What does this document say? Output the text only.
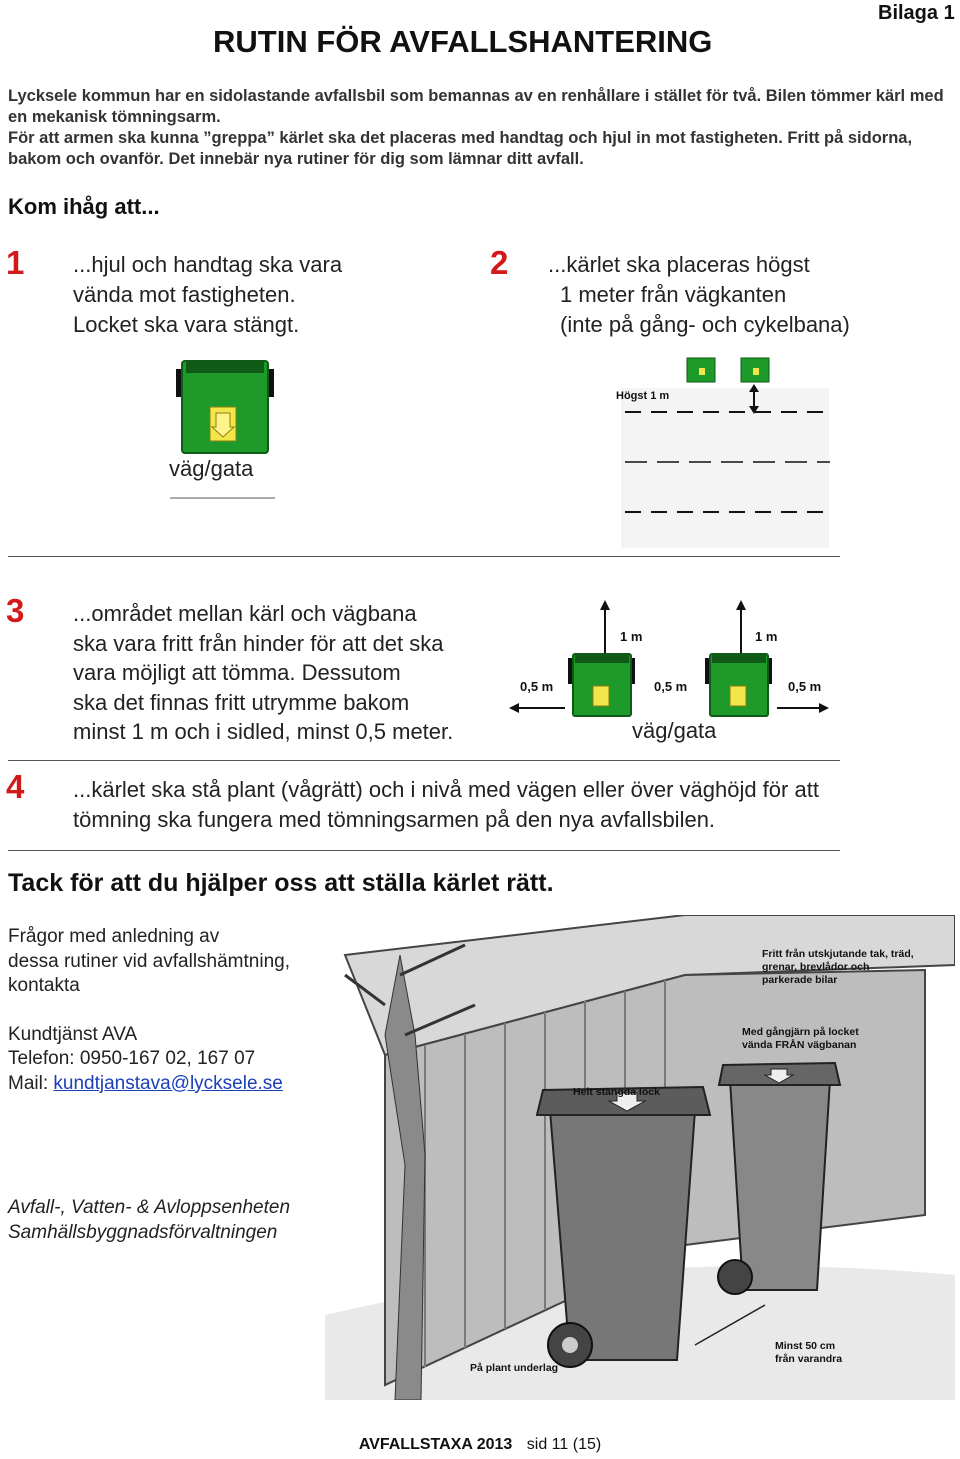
RUTIN FÖR AVFALLSHANTERING
Bilaga 1
Lycksele kommun har en sidolastande avfallsbil som bemannas av en renhållare i stället för två. Bilen tömmer kärl med en mekanisk tömningsarm.
För att armen ska kunna ”greppa” kärlet ska det placeras med handtag och hjul in mot fastigheten. Fritt på sidorna, bakom och ovanför. Det innebär nya rutiner för dig som lämnar ditt avfall.
Kom ihåg att...
1 ...hjul och handtag ska vara
vända mot fastigheten.
Locket ska vara stängt.
2 ...kärlet ska placeras högst
1 meter från vägkanten
(inte på gång- och cykelbana)
väg/gata
Högst 1 m
3 ...området mellan kärl och vägbana
ska vara fritt från hinder för att det ska
vara möjligt att tömma. Dessutom
ska det finnas fritt utrymme bakom
minst 1 m och i sidled, minst 0,5 meter.
1 m	1 m
0,5 m	0,5 m	0,5 m
väg/gata
4 ...kärlet ska stå plant (vågrätt) och i nivå med vägen eller över väghöjd för att
tömning ska fungera med tömningsarmen på den nya avfallsbilen.
Tack för att du hjälper oss att ställa kärlet rätt.
Frågor med anledning av
dessa rutiner vid avfallshämtning,
kontakta
Kundtjänst AVA
Telefon: 0950-167 02, 167 07
Mail: kundtjanstava@lycksele.se
Avfall-, Vatten- & Avloppsenheten
Samhällsbyggnadsförvaltningen
Fritt från utskjutande tak, träd,
grenar, brevlådor och
parkerade bilar
Med gångjärn på locket
vända FRÅN vägbanan
Helt stängda lock
På plant underlag
Minst 50 cm
från varandra
AVFALLSTAXA 2013 sid 11 (15)
